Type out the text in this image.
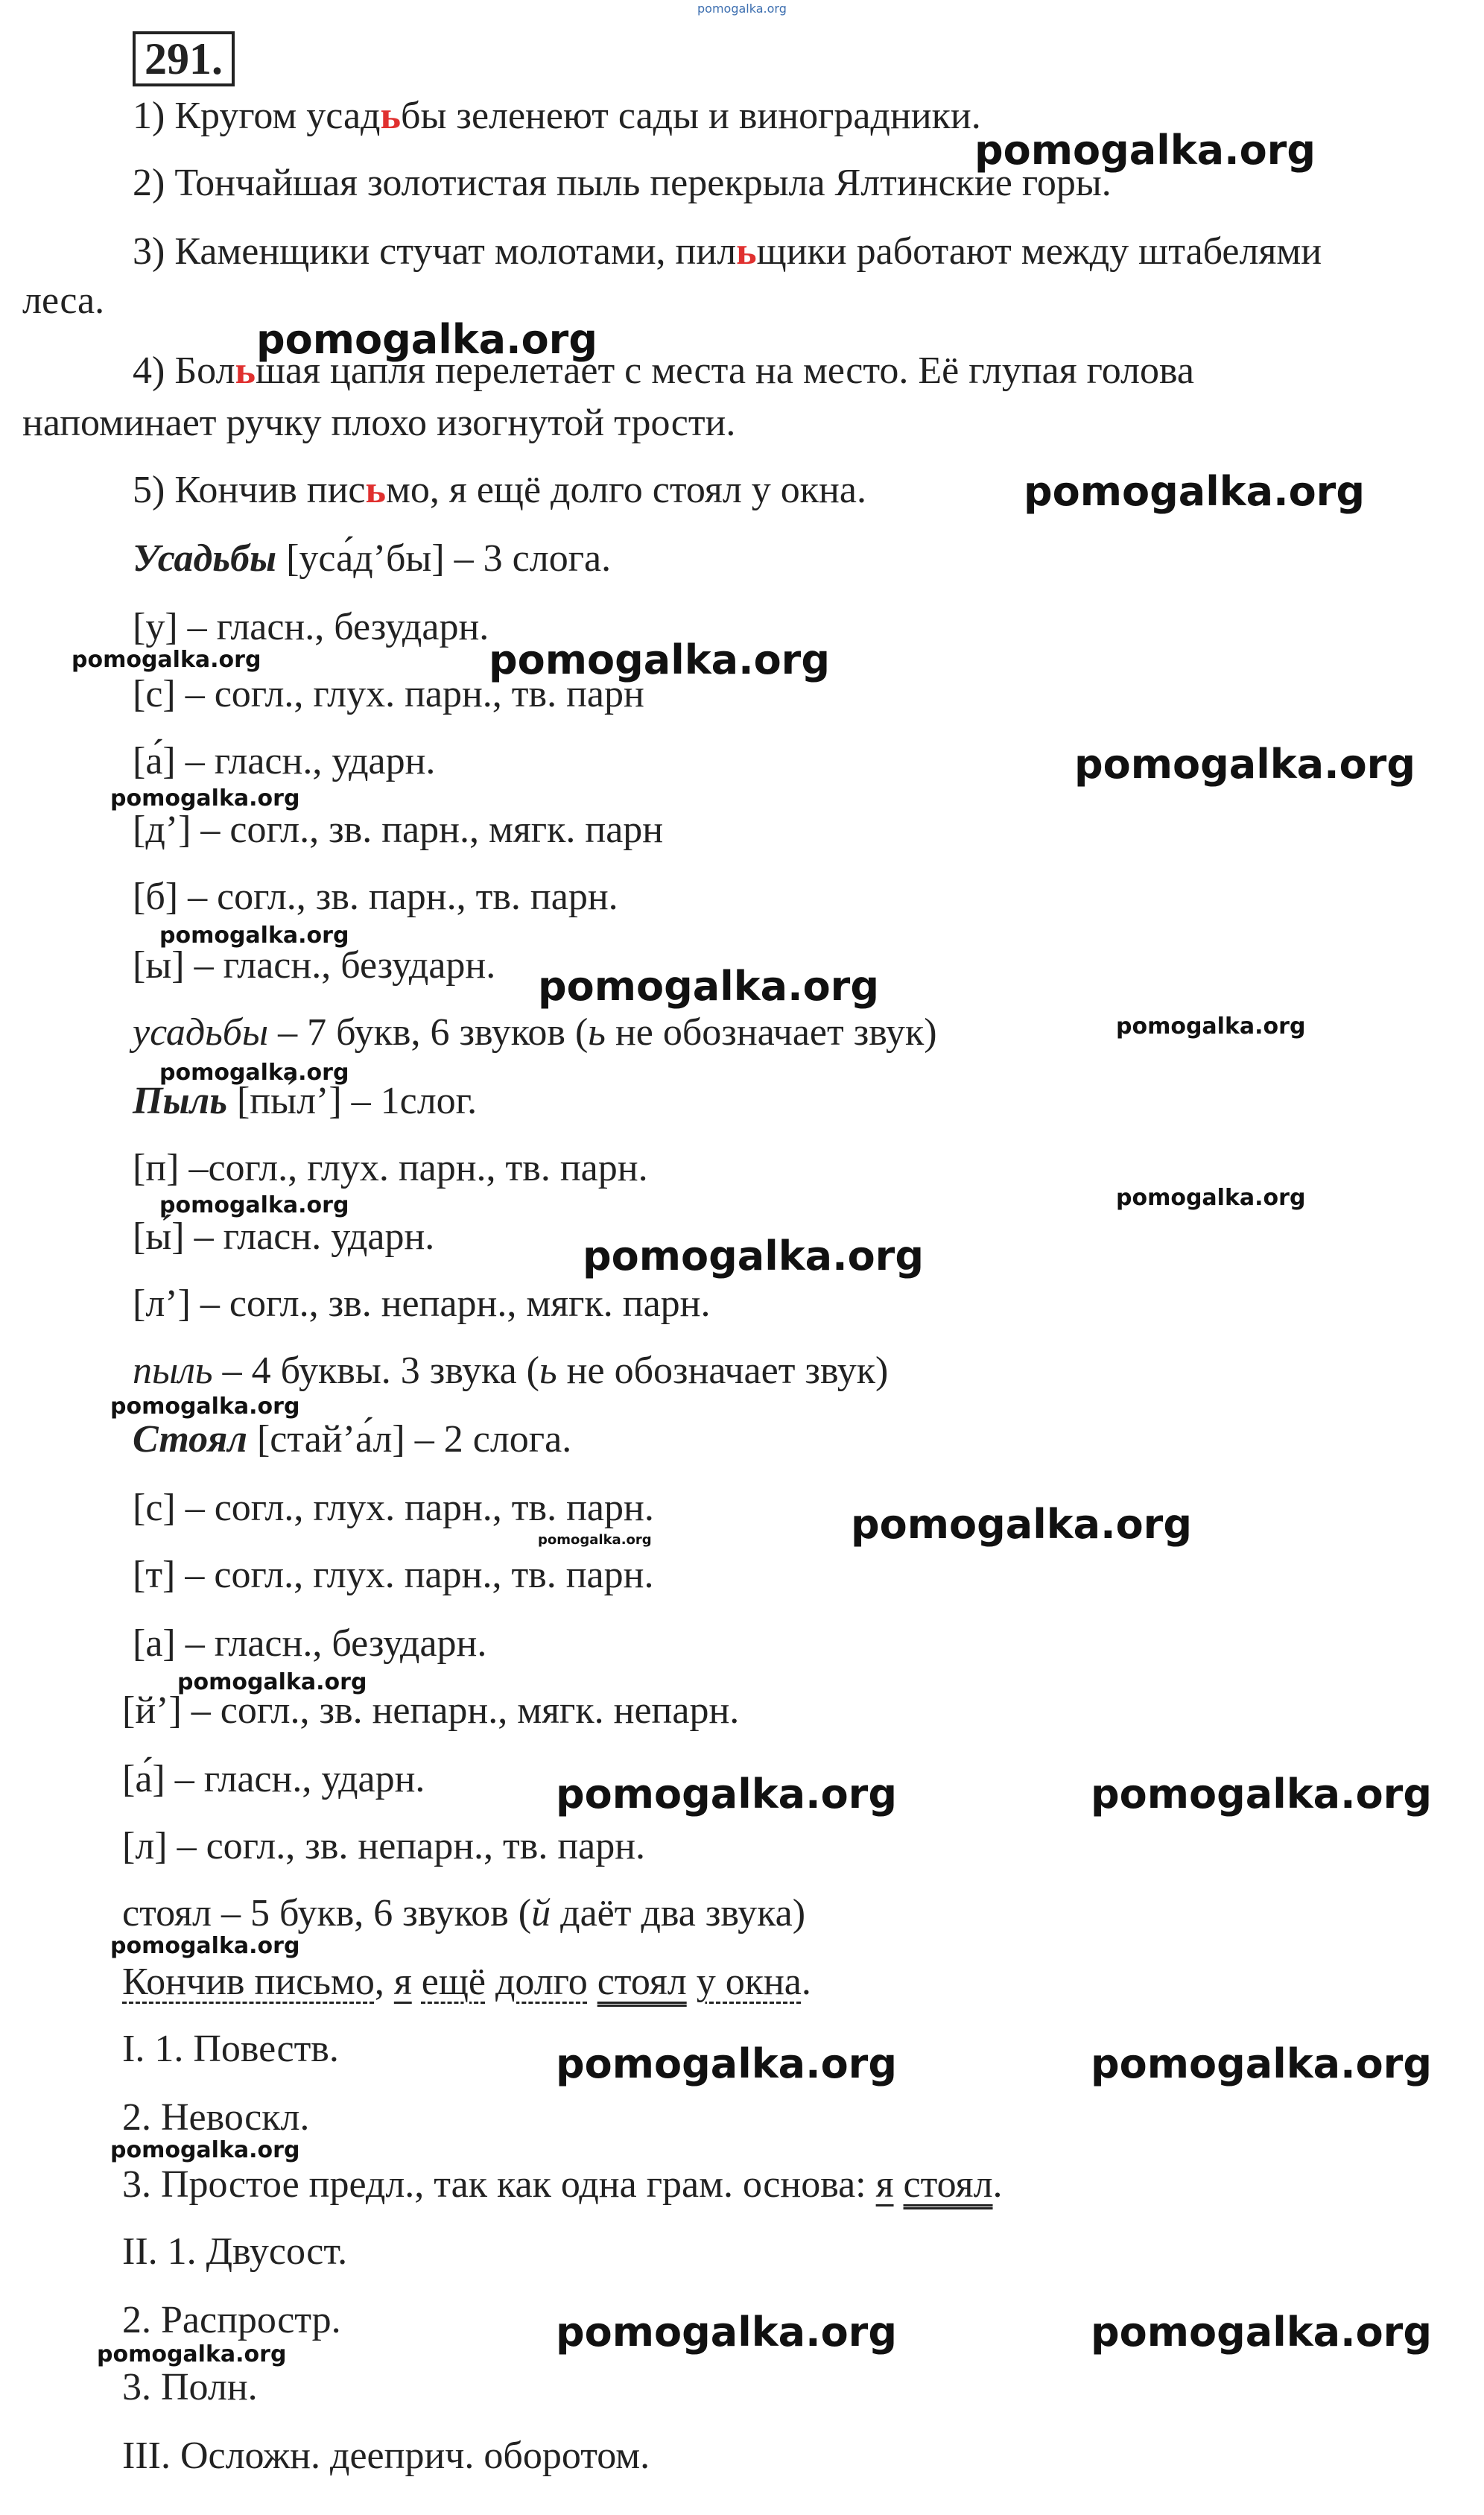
pomogalka.org
291.
1) Кругом усадьбы зеленеют сады и виноградники.
2) Тончайшая золотистая пыль перекрыла Ялтинские горы.
3) Каменщики стучат молотами, пильщики работают между штабелями
леса.
4) Большая цапля перелетает с места на место. Её глупая голова
напоминает ручку плохо изогнутой трости.
5) Кончив письмо, я ещё долго стоял у окна.
Усадьбы [уса́д’бы] – 3 слога.
[у] – гласн., безударн.
[с] – согл., глух. парн., тв. парн
[а́] – гласн., ударн.
[д’] – согл., зв. парн., мягк. парн
[б] – согл., зв. парн., тв. парн.
[ы] – гласн., безударн.
усадьбы – 7 букв, 6 звуков (ь не обозначает звук)
Пыль [пы́л’] – 1слог.
[п] –согл., глух. парн., тв. парн.
[ы́] – гласн. ударн.
[л’] – согл., зв. непарн., мягк. парн.
пыль – 4 буквы. 3 звука (ь не обозначает звук)
Стоял [стай’а́л] – 2 слога.
[с] – согл., глух. парн., тв. парн.
[т] – согл., глух. парн., тв. парн.
[а] – гласн., безударн.
[й’] – согл., зв. непарн., мягк. непарн.
[а́] – гласн., ударн.
[л] – согл., зв. непарн., тв. парн.
стоял – 5 букв, 6 звуков (й даёт два звука)
Кончив письмо, я ещё долго стоял у окна.
I. 1. Повеств.
2. Невоскл.
3. Простое предл., так как одна грам. основа: я стоял.
II. 1. Двусост.
2. Распростр.
3. Полн.
III. Осложн. деeприч. оборотом.
pomogalka.org
pomogalka.org
pomogalka.org
pomogalka.org	pomogalka.org
pomogalka.org
pomogalka.org
pomogalka.org
pomogalka.org
pomogalka.org
pomogalka.org
pomogalka.org	pomogalka.org
pomogalka.org
pomogalka.org
pomogalka.org	pomogalka.org
pomogalka.org
pomogalka.org	pomogalka.org
pomogalka.org
pomogalka.org	pomogalka.org
pomogalka.org
pomogalka.org	pomogalka.org
pomogalka.org
